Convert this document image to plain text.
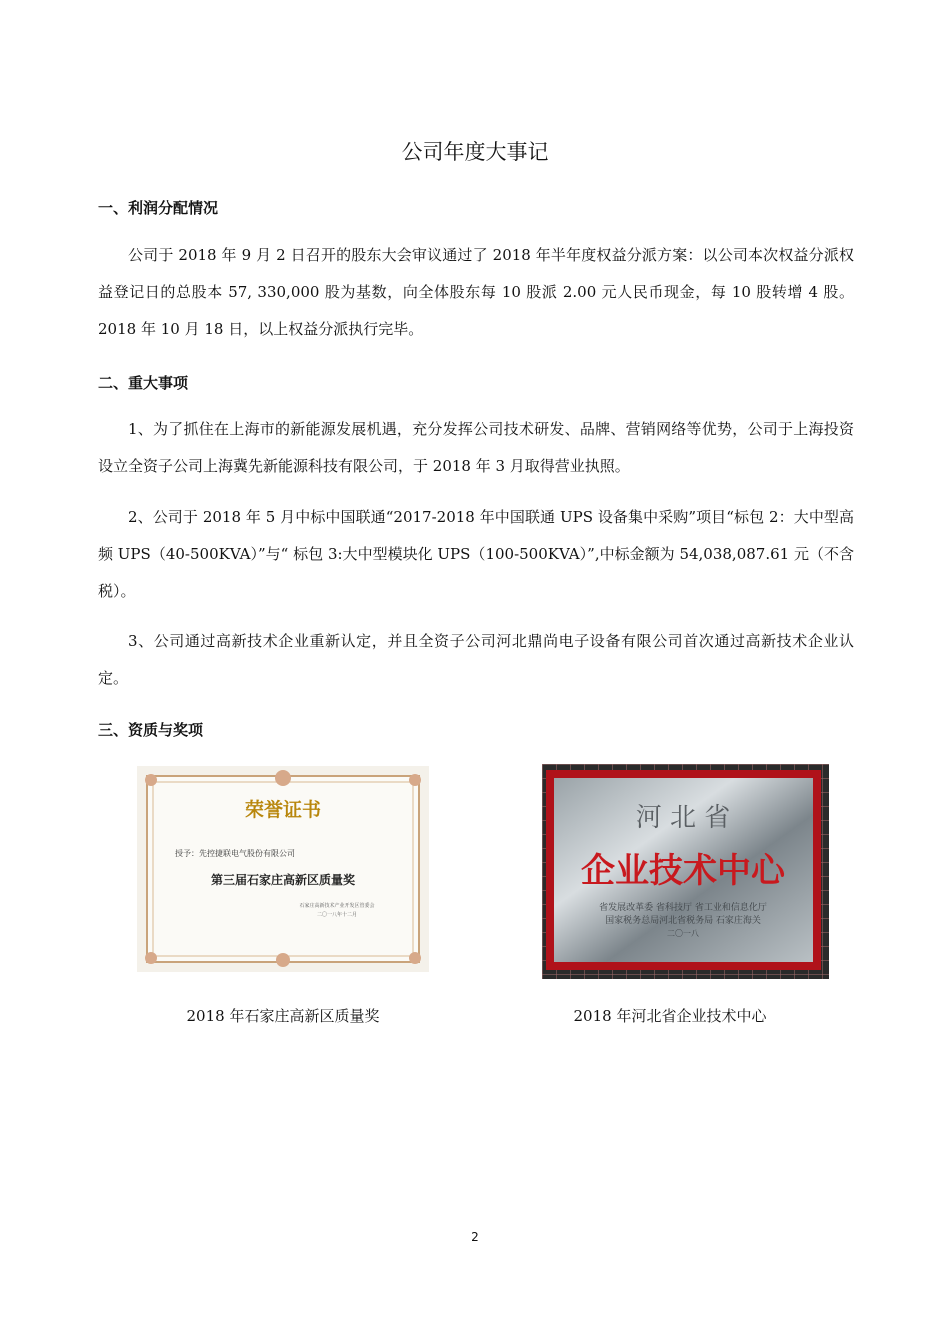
公司年度大事记
一、利润分配情况

公司于 2018 年 9 月 2 日召开的股东大会审议通过了 2018 年半年度权益分派方案：以公司本次权益分派权益登记日的总股本 57, 330,000 股为基数，向全体股东每 10 股派 2.00 元人民币现金，每 10 股转增 4 股。2018 年 10 月 18 日，以上权益分派执行完毕。

二、重大事项

1、为了抓住在上海市的新能源发展机遇，充分发挥公司技术研发、品牌、营销网络等优势，公司于上海投资设立全资子公司上海冀先新能源科技有限公司，于 2018 年 3 月取得营业执照。

2、公司于 2018 年 5 月中标中国联通“2017-2018 年中国联通 UPS 设备集中采购”项目“标包 2：大中型高频 UPS（40-500KVA）”与“ 标包 3:大中型模块化 UPS（100-500KVA）”,中标金额为 54,038,087.61 元（不含税）。

3、公司通过高新技术企业重新认定，并且全资子公司河北鼎尚电子设备有限公司首次通过高新技术企业认定。

三、资质与奖项
荣誉证书
授予：先控捷联电气股份有限公司
第三届石家庄高新区质量奖
石家庄高新技术产业开发区管委会
二〇一八年十二月
2018 年石家庄高新区质量奖
河 北 省
企业技术中心
省发展改革委 省科技厅 省工业和信息化厅
国家税务总局河北省税务局 石家庄海关
二〇一八
2018 年河北省企业技术中心
2
